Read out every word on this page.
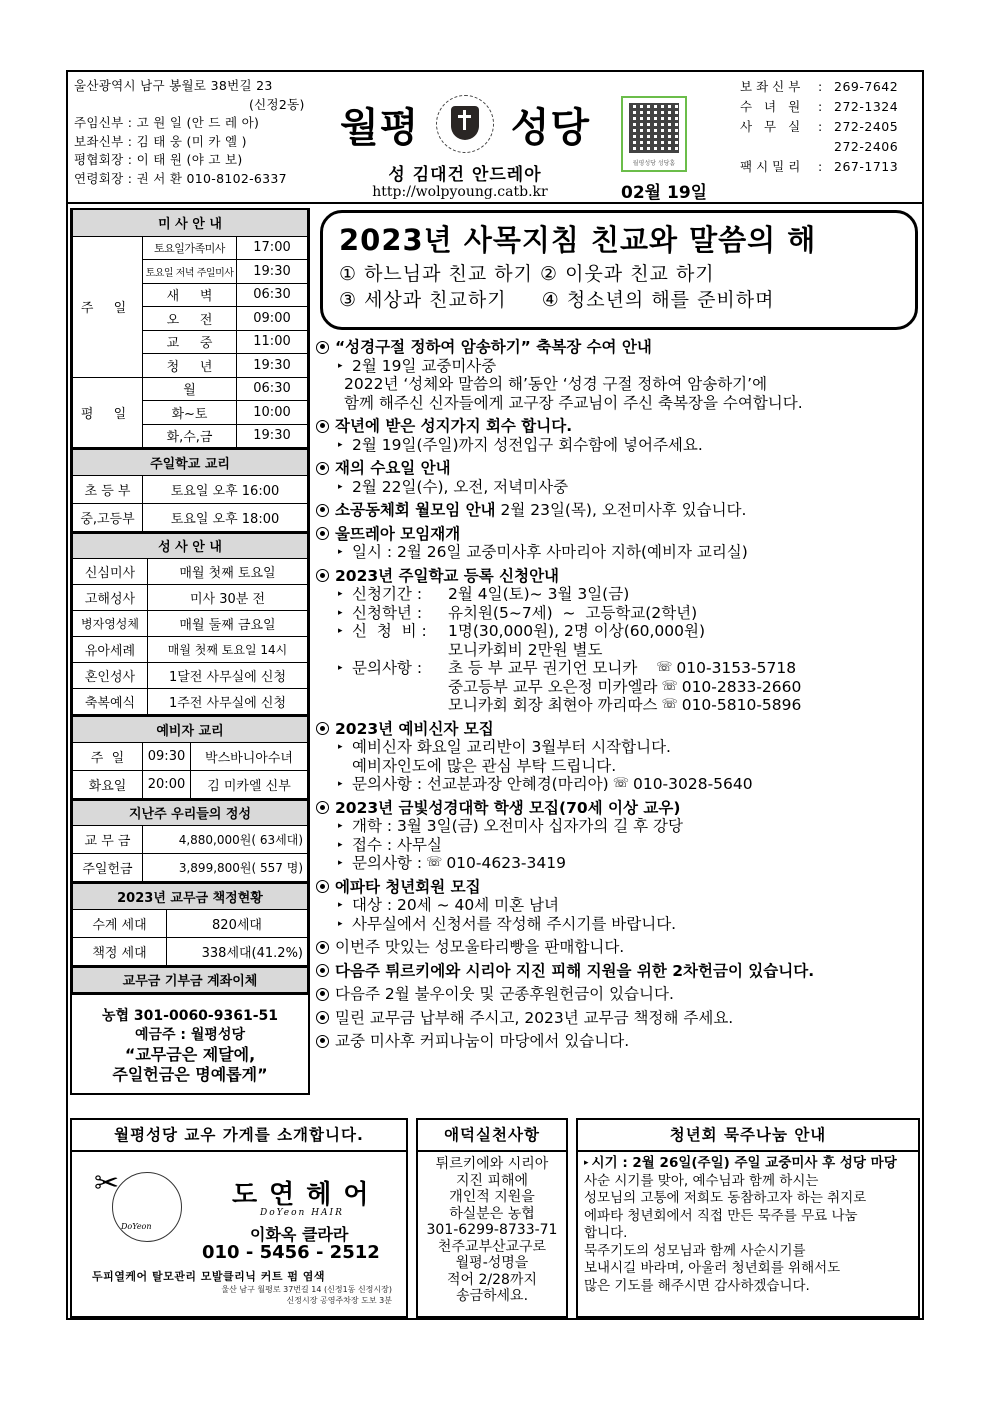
울산광역시 남구 봉월로 38번길 23
(신정2동)
주임신부 : 고 원 일 (안 드 레 아)
보좌신부 : 김 태 웅 (미 카 엘 )
평협회장 : 이 태 원 (야 고 보)
연령회장 : 권 서 환 010-8102-6337
월평 성당
성 김대건 안드레아
http://wolpyoung.catb.kr
월평성당 성당홈
02월 19일
보좌신부	: 269-7642
수 녀 원	: 272-1324
사 무 실	: 272-2405
272-2406
팩시밀리	: 267-1713
미 사 안 내		
주 일	토요일가족미사	17:00
	토요일 저녁 주일미사	19:30
	새     벽	06:30
	오     전	09:00
	교     중	11:00
	청     년	19:30
평 일	월	06:30
	화~토	10:00
	화,수,금	19:30
주일학교 교리	
초 등 부	토요일 오후 16:00
중,고등부	토요일 오후 18:00
성 사 안 내	
신심미사	매월 첫째 토요일
고해성사	미사 30분 전
병자영성체	매월 둘째 금요일
유아세례	매월 첫째 토요일 14시
혼인성사	1달전 사무실에 신청
축복예식	1주전 사무실에 신청
예비자 교리		
주  일	09:30	박스바니아수녀
화요일	20:00	김 미카엘 신부
지난주 우리들의 정성	
교 무 금	4,880,000원( 63세대)
주일헌금	3,899,800원( 557 명)
2023년 교무금 책정현황	
수계 세대	820세대
책정 세대	338세대(41.2%)
교무금 기부금 계좌이체
농협 301-0060-9361-51
예금주 : 월평성당
“교무금은 제달에,
주일헌금은 명예롭게”
2023년 사목지침 친교와 말씀의 해

① 하느님과 친교 하기 ② 이웃과 친교 하기

③ 세상과 친교하기     ④ 청소년의 해를 준비하며

“성경구절 정하여 암송하기” 축복장 수여 안내
▸ 2월 19일 교중미사중
2022년 ‘성체와 말씀의 해’동안 ‘성경 구절 정하여 암송하기’에
함께 해주신 신자들에게 교구장 주교님이 주신 축복장을 수여합니다.
작년에 받은 성지가지 회수 합니다.
▸ 2월 19일(주일)까지 성전입구 회수함에 넣어주세요.
재의 수요일 안내
▸ 2월 22일(수), 오전, 저녁미사중
소공동체회 월모임 안내 2월 23일(목), 오전미사후 있습니다.
울뜨레아 모임재개
▸ 일시 : 2월 26일 교중미사후 사마리아 지하(예비자 교리실)
2023년 주일학교 등록 신청안내
▸ 신청기간 :	2월 4일(토)~ 3월 3일(금)
▸ 신청학년 :	유치원(5~7세)  ~  고등학교(2학년)
▸ 신  청  비 :	1명(30,000원), 2명 이상(60,000원)
모니카회비 2만원 별도
▸ 문의사항 :	초 등 부 교무 권기언 모니카 ☏ 010-3153-5718
중고등부 교무 오은정 미카엘라 ☏ 010-2833-2660
모니카회 회장 최현아 까리따스 ☏ 010-5810-5896
2023년 예비신자 모집
▸ 예비신자 화요일 교리반이 3월부터 시작합니다.
예비자인도에 많은 관심 부탁 드립니다.
▸ 문의사항 : 선교분과장 안혜경(마리아) ☏ 010-3028-5640
2023년 금빛성경대학 학생 모집(70세 이상 교우)
▸ 개학 : 3월 3일(금) 오전미사 십자가의 길 후 강당
▸ 접수 : 사무실
▸ 문의사항 : ☏ 010-4623-3419
에파타 청년회원 모집
▸ 대상 : 20세 ~ 40세 미혼 남녀
▸ 사무실에서 신청서를 작성해 주시기를 바랍니다.
이번주 맛있는 성모울타리빵을 판매합니다.
다음주 튀르키에와 시리아 지진 피해 지원을 위한 2차헌금이 있습니다.
다음주 2월 불우이웃 및 군종후원헌금이 있습니다.
밀린 교무금 납부해 주시고, 2023년 교무금 책정해 주세요.
교중 미사후 커피나눔이 마당에서 있습니다.
월평성당 교우 가게를 소개합니다.
DoYeon
✂	도연헤어
DoYeon HAIR
이화옥 클라라
010 - 5456 - 2512
두피열케어 탈모관리 모발클리닉 커트 펌 염색
울산 남구 월평로 37번길 14 (신정1동 신정시장)
신정시장 공영주차장 도보 3분
애덕실천사항
튀르키에와 시리아
지진 피해에
개인적 지원을
하실분은 농협
301-6299-8733-71
천주교부산교구로
월평-성명을
적어 2/28까지
송금하세요.
청년회 묵주나눔 안내
▸ 시기 : 2월 26일(주일) 주일 교중미사 후 성당 마당
사순 시기를 맞아, 예수님과 함께 하시는
성모님의 고통에 저희도 동참하고자 하는 취지로
에파타 청년회에서 직접 만든 묵주를 무료 나눔
합니다.
묵주기도의 성모님과 함께 사순시기를
보내시길 바라며, 아울러 청년회를 위해서도
많은 기도를 해주시면 감사하겠습니다.
